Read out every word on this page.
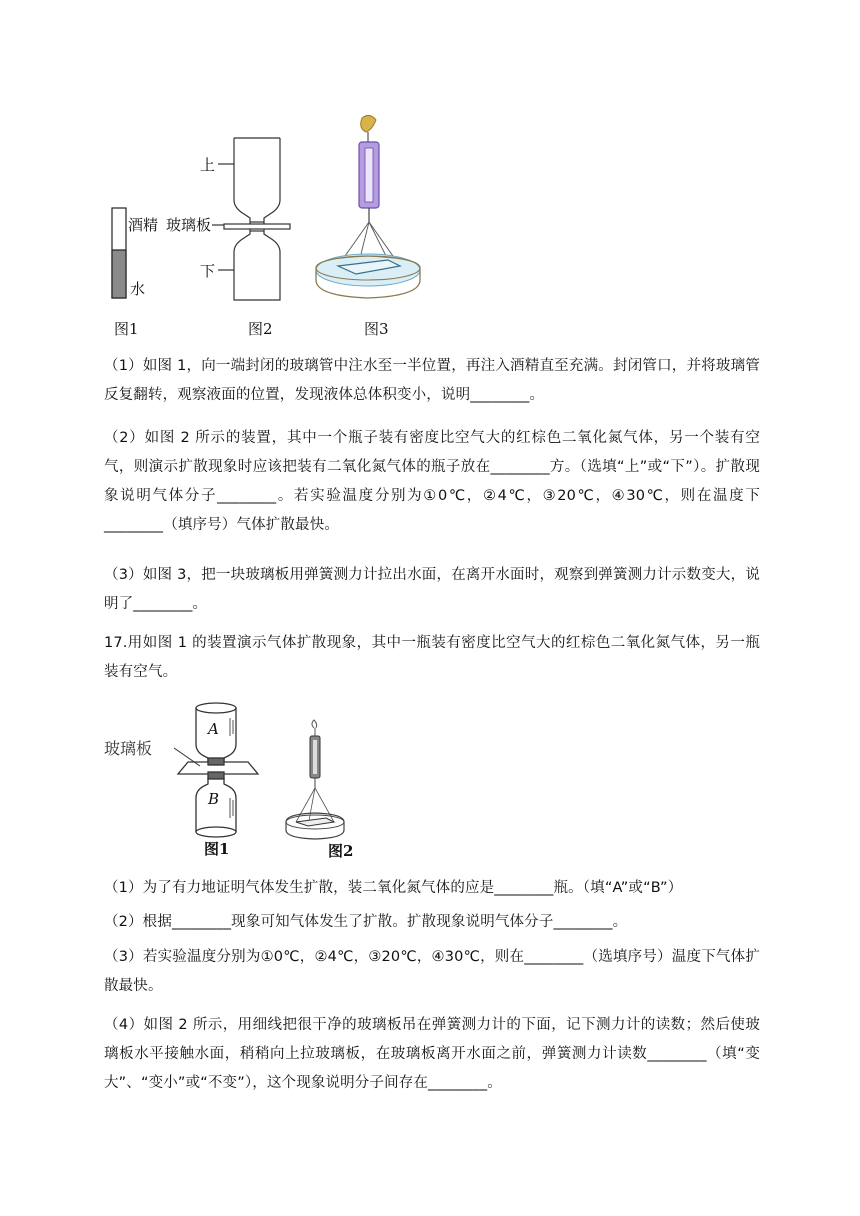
酒精
水
上
玻璃板
下
图1	图2	图3
（1）如图 1，向一端封闭的玻璃管中注水至一半位置，再注入酒精直至充满。封闭管口，并将玻璃管反复翻转，观察液面的位置，发现液体总体积变小，说明________。
（2）如图 2 所示的装置，其中一个瓶子装有密度比空气大的红棕色二氧化氮气体，另一个装有空气，则演示扩散现象时应该把装有二氧化氮气体的瓶子放在________方。（选填“上”或“下”）。扩散现象说明气体分子________。若实验温度分别为①0℃，②4℃，③20℃，④30℃，则在温度下________（填序号）气体扩散最快。
（3）如图 3，把一块玻璃板用弹簧测力计拉出水面，在离开水面时，观察到弹簧测力计示数变大，说明了________。
17.用如图 1 的装置演示气体扩散现象，其中一瓶装有密度比空气大的红棕色二氧化氮气体，另一瓶装有空气。
玻璃板
A
B
图1	图2
（1）为了有力地证明气体发生扩散，装二氧化氮气体的应是________瓶。（填“A”或“B”）
（2）根据________现象可知气体发生了扩散。扩散现象说明气体分子________。
（3）若实验温度分别为①0℃，②4℃，③20℃，④30℃，则在________（选填序号）温度下气体扩散最快。
（4）如图 2 所示，用细线把很干净的玻璃板吊在弹簧测力计的下面，记下测力计的读数；然后使玻璃板水平接触水面，稍稍向上拉玻璃板，在玻璃板离开水面之前，弹簧测力计读数________（填“变大”、“变小”或“不变”），这个现象说明分子间存在________。
